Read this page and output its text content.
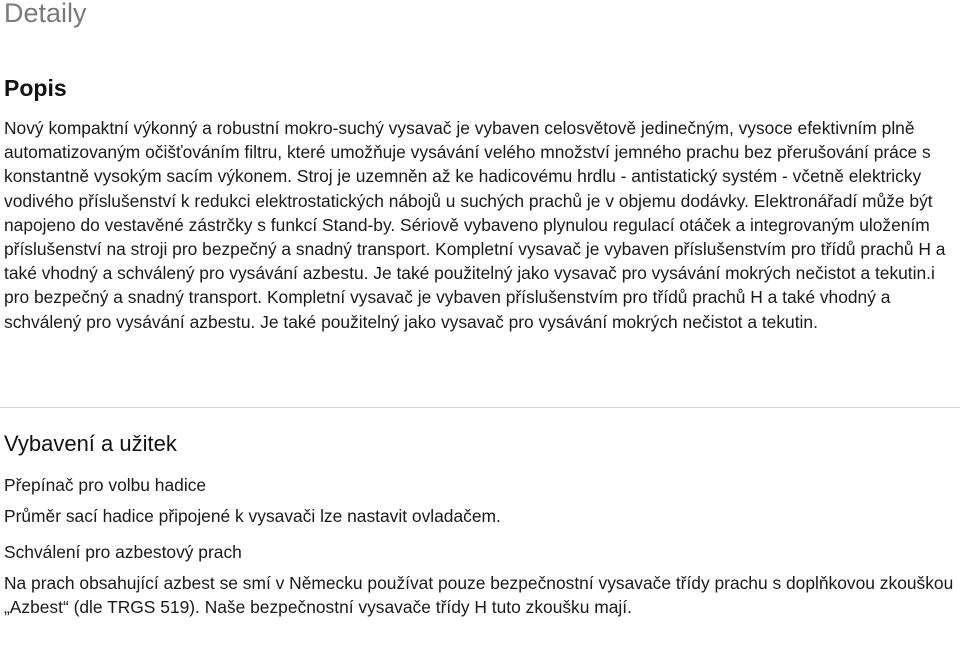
Detaily
Popis

Nový kompaktní výkonný a robustní mokro-suchý vysavač je vybaven celosvětově jedinečným, vysoce efektivním plně automatizovaným očišťováním filtru, které umožňuje vysávání velého množství jemného prachu bez přerušování práce s konstantně vysokým sacím výkonem. Stroj je uzemněn až ke hadicovému hrdlu - antistatický systém - včetně elektricky vodivého příslušenství k redukci elektrostatických nábojů u suchých prachů je v objemu dodávky. Elektronářadí může být napojeno do vestavěné zástrčky s funkcí Stand-by. Sériově vybaveno plynulou regulací otáček a integrovaným uložením příslušenství na stroji pro bezpečný a snadný transport. Kompletní vysavač je vybaven příslušenstvím pro třídů prachů H a také vhodný a schválený pro vysávání azbestu. Je také použitelný jako vysavač pro vysávání mokrých nečistot a tekutin.i pro bezpečný a snadný transport. Kompletní vysavač je vybaven příslušenstvím pro třídů prachů H a také vhodný a schválený pro vysávání azbestu. Je také použitelný jako vysavač pro vysávání mokrých nečistot a tekutin.

Vybavení a užitek

Přepínač pro volbu hadice

Průměr sací hadice připojené k vysavači lze nastavit ovladačem.

Schválení pro azbestový prach

Na prach obsahující azbest se smí v Německu používat pouze bezpečnostní vysavače třídy prachu s doplňkovou zkouškou „Azbest“ (dle TRGS 519). Naše bezpečnostní vysavače třídy H tuto zkoušku mají.
